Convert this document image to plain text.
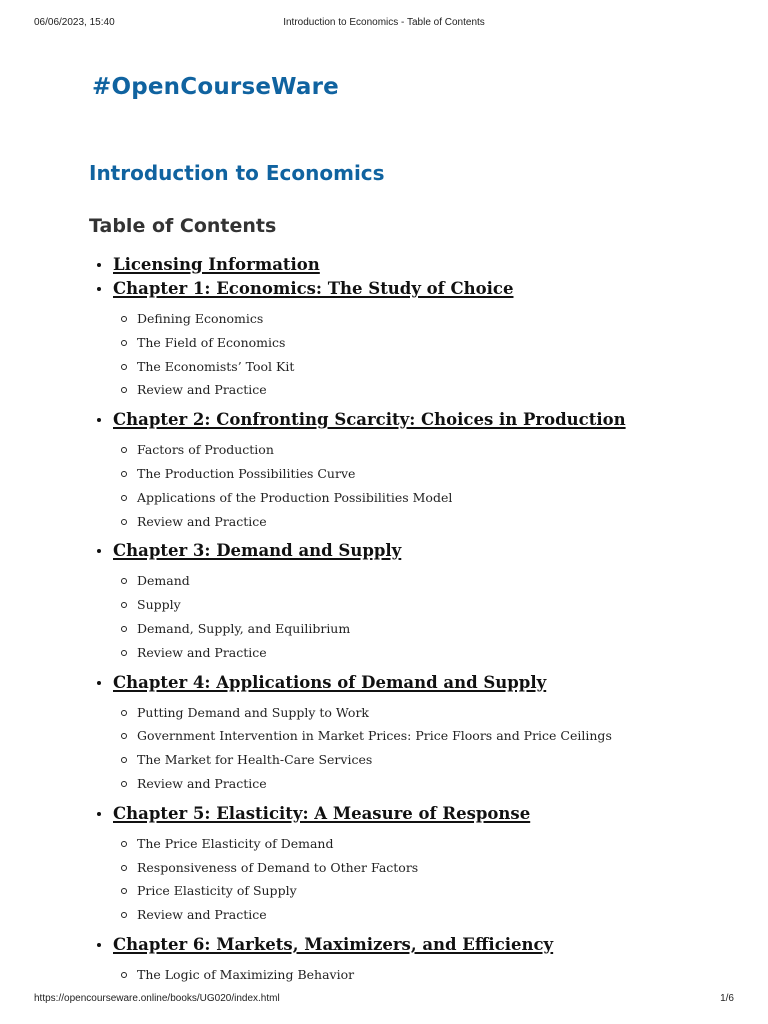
06/06/2023, 15:40	Introduction to Economics - Table of Contents
#OpenCourseWare
Introduction to Economics
Table of Contents
Licensing Information
Chapter 1: Economics: The Study of Choice
Defining Economics
The Field of Economics
The Economists’ Tool Kit
Review and Practice
Chapter 2: Confronting Scarcity: Choices in Production
Factors of Production
The Production Possibilities Curve
Applications of the Production Possibilities Model
Review and Practice
Chapter 3: Demand and Supply
Demand
Supply
Demand, Supply, and Equilibrium
Review and Practice
Chapter 4: Applications of Demand and Supply
Putting Demand and Supply to Work
Government Intervention in Market Prices: Price Floors and Price Ceilings
The Market for Health-Care Services
Review and Practice
Chapter 5: Elasticity: A Measure of Response
The Price Elasticity of Demand
Responsiveness of Demand to Other Factors
Price Elasticity of Supply
Review and Practice
Chapter 6: Markets, Maximizers, and Efficiency
The Logic of Maximizing Behavior
https://opencourseware.online/books/UG020/index.html	1/6
